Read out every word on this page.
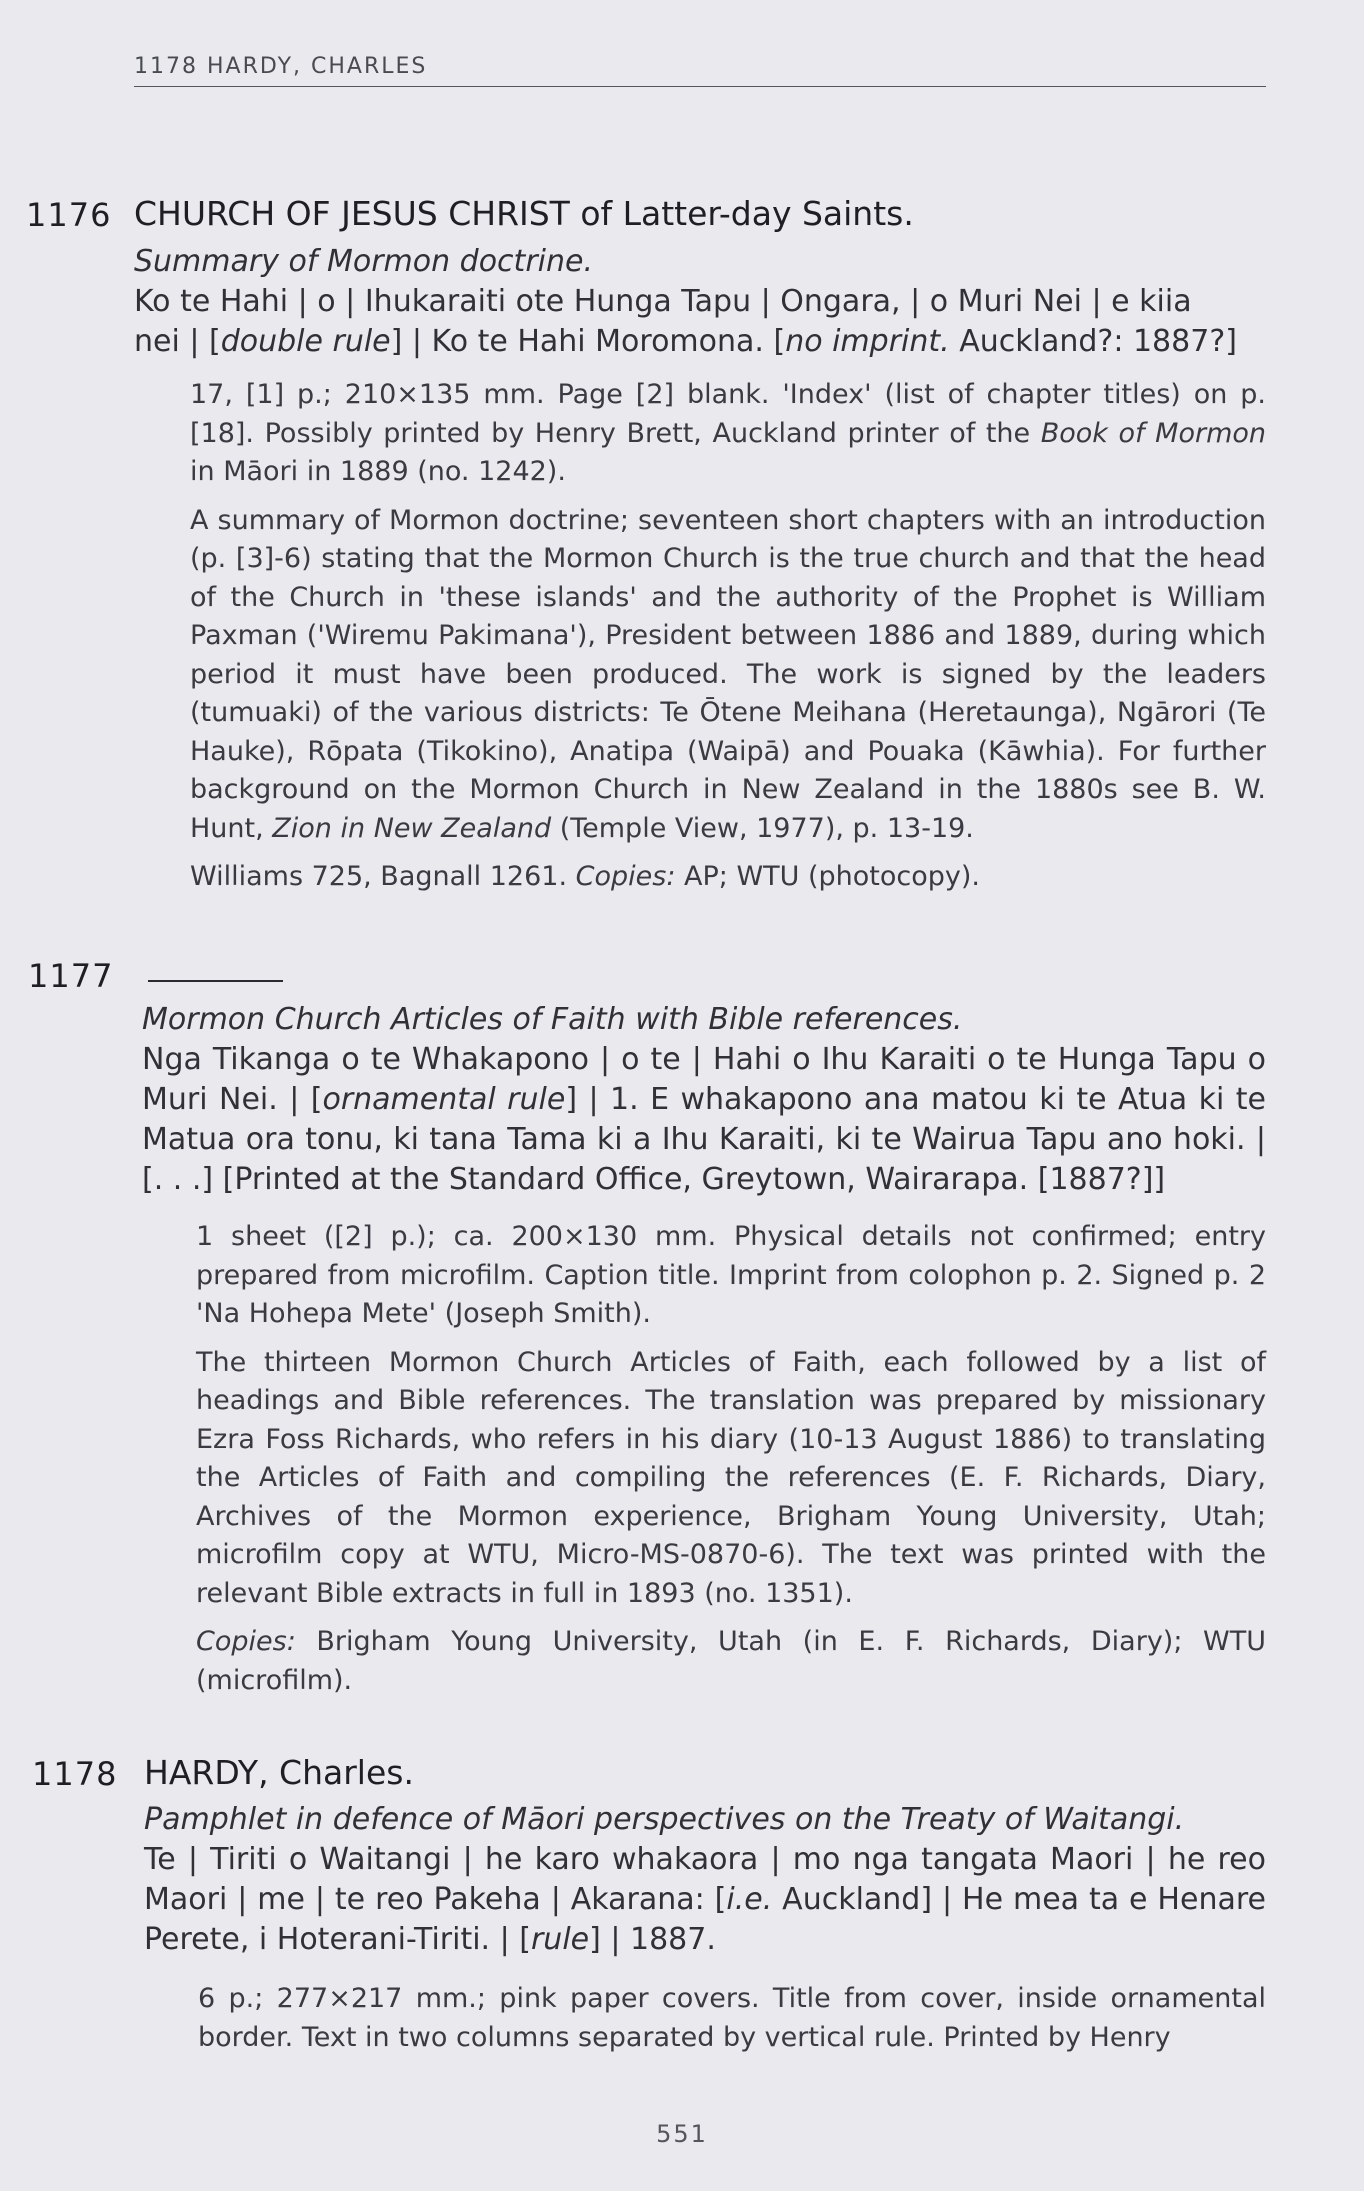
1178 HARDY, CHARLES
1176 CHURCH OF JESUS CHRIST of Latter-day Saints.
Summary of Mormon doctrine.
Ko te Hahi | o | Ihukaraiti ote Hunga Tapu | Ongara, | o Muri Nei | e kiia
nei | [double rule] | Ko te Hahi Moromona. [no imprint. Auckland?: 1887?]

17, [1] p.; 210×135 mm. Page [2] blank. 'Index' (list of chapter titles) on p. [18]. Possibly printed by Henry Brett, Auckland printer of the Book of Mormon in Māori in 1889 (no. 1242).

A summary of Mormon doctrine; seventeen short chapters with an introduction (p. [3]-6) stating that the Mormon Church is the true church and that the head of the Church in 'these islands' and the authority of the Prophet is William Paxman ('Wiremu Pakimana'), President between 1886 and 1889, during which period it must have been produced. The work is signed by the leaders (tumuaki) of the various districts: Te Ōtene Meihana (Heretaunga), Ngārori (Te Hauke), Rōpata (Tikokino), Anatipa (Waipā) and Pouaka (Kāwhia). For further background on the Mormon Church in New Zealand in the 1880s see B. W. Hunt, Zion in New Zealand (Temple View, 1977), p. 13-19.

Williams 725, Bagnall 1261. Copies: AP; WTU (photocopy).

1177
Mormon Church Articles of Faith with Bible references.
Nga Tikanga o te Whakapono | o te | Hahi o Ihu Karaiti o te Hunga Tapu o Muri Nei. | [ornamental rule] | 1. E whakapono ana matou ki te Atua ki te Matua ora tonu, ki tana Tama ki a Ihu Karaiti, ki te Wairua Tapu ano hoki. | [. . .] [Printed at the Standard Office, Greytown, Wairarapa. [1887?]]

1 sheet ([2] p.); ca. 200×130 mm. Physical details not confirmed; entry prepared from microfilm. Caption title. Imprint from colophon p. 2. Signed p. 2 'Na Hohepa Mete' (Joseph Smith).

The thirteen Mormon Church Articles of Faith, each followed by a list of headings and Bible references. The translation was prepared by missionary Ezra Foss Richards, who refers in his diary (10-13 August 1886) to translating the Articles of Faith and compiling the references (E. F. Richards, Diary, Archives of the Mormon experience, Brigham Young University, Utah; microfilm copy at WTU, Micro-MS-0870-6). The text was printed with the relevant Bible extracts in full in 1893 (no. 1351).

Copies: Brigham Young University, Utah (in E. F. Richards, Diary); WTU (microfilm).

1178 HARDY, Charles.
Pamphlet in defence of Māori perspectives on the Treaty of Waitangi.
Te | Tiriti o Waitangi | he karo whakaora | mo nga tangata Maori | he reo Maori | me | te reo Pakeha | Akarana: [i.e. Auckland] | He mea ta e Henare Perete, i Hoterani-Tiriti. | [rule] | 1887.

6 p.; 277×217 mm.; pink paper covers. Title from cover, inside ornamental border. Text in two columns separated by vertical rule. Printed by Henry

551
